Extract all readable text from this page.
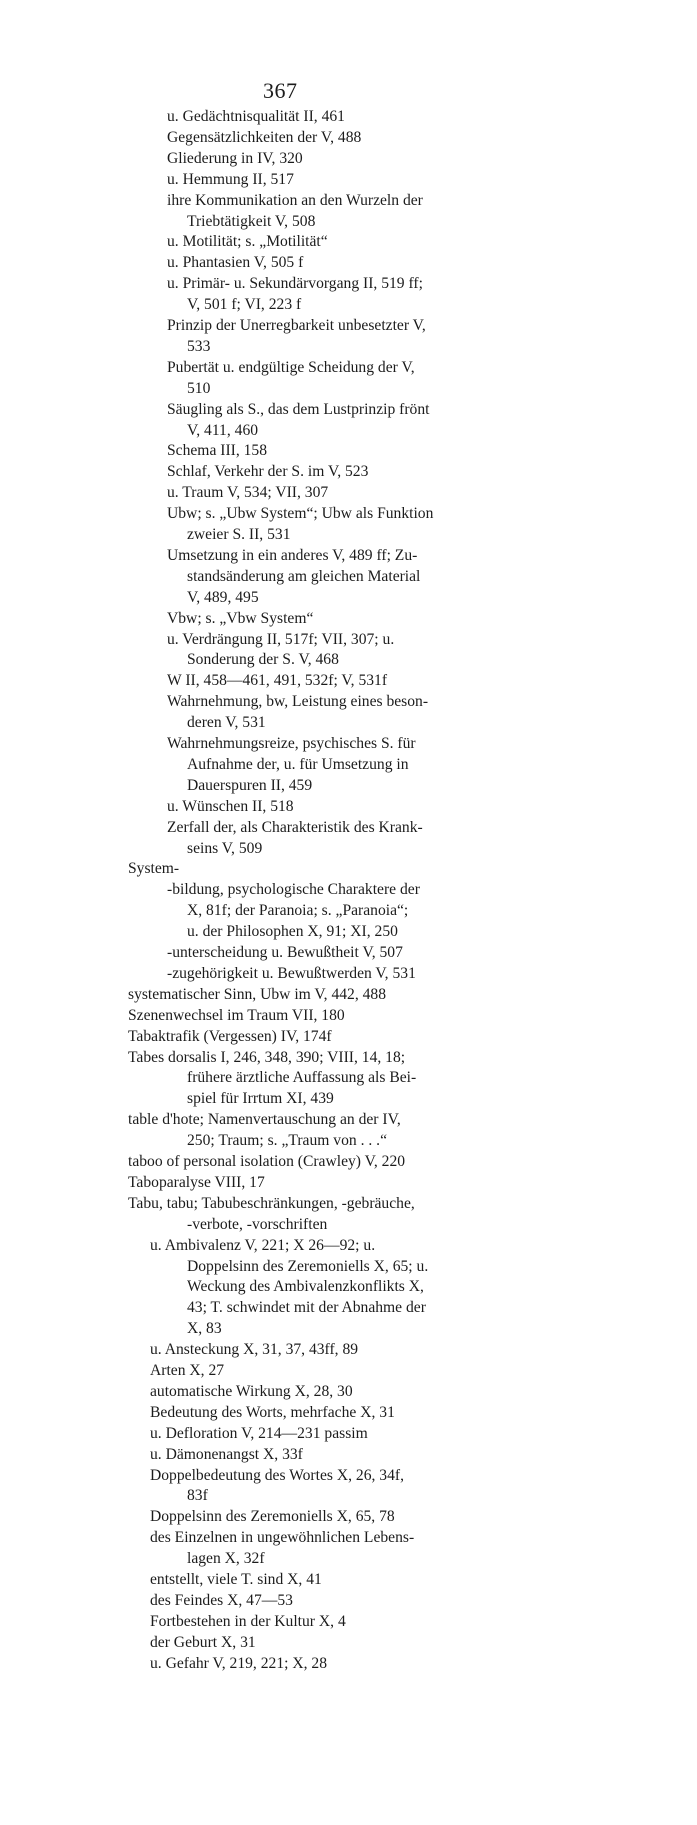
367
u. Gedächtnisqualität II, 461
Gegensätzlichkeiten der V, 488
Gliederung in IV, 320
u. Hemmung II, 517
ihre Kommunikation an den Wurzeln der
Triebtätigkeit V, 508
u. Motilität; s. „Motilität“
u. Phantasien V, 505 f
u. Primär- u. Sekundärvorgang II, 519 ff;
V, 501 f; VI, 223 f
Prinzip der Unerregbarkeit unbesetzter V,
533
Pubertät u. endgültige Scheidung der V,
510
Säugling als S., das dem Lustprinzip frönt
V, 411, 460
Schema III, 158
Schlaf, Verkehr der S. im V, 523
u. Traum V, 534; VII, 307
Ubw; s. „Ubw System“; Ubw als Funktion
zweier S. II, 531
Umsetzung in ein anderes V, 489 ff; Zu-
standsänderung am gleichen Material
V, 489, 495
Vbw; s. „Vbw System“
u. Verdrängung II, 517f; VII, 307; u.
Sonderung der S. V, 468
W II, 458—461, 491, 532f; V, 531f
Wahrnehmung, bw, Leistung eines beson-
deren V, 531
Wahrnehmungsreize, psychisches S. für
Aufnahme der, u. für Umsetzung in
Dauerspuren II, 459
u. Wünschen II, 518
Zerfall der, als Charakteristik des Krank-
seins V, 509
System-
-bildung, psychologische Charaktere der
X, 81f; der Paranoia; s. „Paranoia“;
u. der Philosophen X, 91; XI, 250
-unterscheidung u. Bewußtheit V, 507
-zugehörigkeit u. Bewußtwerden V, 531
systematischer Sinn, Ubw im V, 442, 488
Szenenwechsel im Traum VII, 180
Tabaktrafik (Vergessen) IV, 174f
Tabes dorsalis I, 246, 348, 390; VIII, 14, 18;
frühere ärztliche Auffassung als Bei-
spiel für Irrtum XI, 439
table d'hote; Namenvertauschung an der IV,
250; Traum; s. „Traum von . . .“
taboo of personal isolation (Crawley) V, 220
Taboparalyse VIII, 17
Tabu, tabu; Tabubeschränkungen, -gebräuche,
-verbote, -vorschriften
u. Ambivalenz V, 221; X 26—92; u.
Doppelsinn des Zeremoniells X, 65; u.
Weckung des Ambivalenzkonflikts X,
43; T. schwindet mit der Abnahme der
X, 83
u. Ansteckung X, 31, 37, 43ff, 89
Arten X, 27
automatische Wirkung X, 28, 30
Bedeutung des Worts, mehrfache X, 31
u. Defloration V, 214—231 passim
u. Dämonenangst X, 33f
Doppelbedeutung des Wortes X, 26, 34f,
83f
Doppelsinn des Zeremoniells X, 65, 78
des Einzelnen in ungewöhnlichen Lebens-
lagen X, 32f
entstellt, viele T. sind X, 41
des Feindes X, 47—53
Fortbestehen in der Kultur X, 4
der Geburt X, 31
u. Gefahr V, 219, 221; X, 28
